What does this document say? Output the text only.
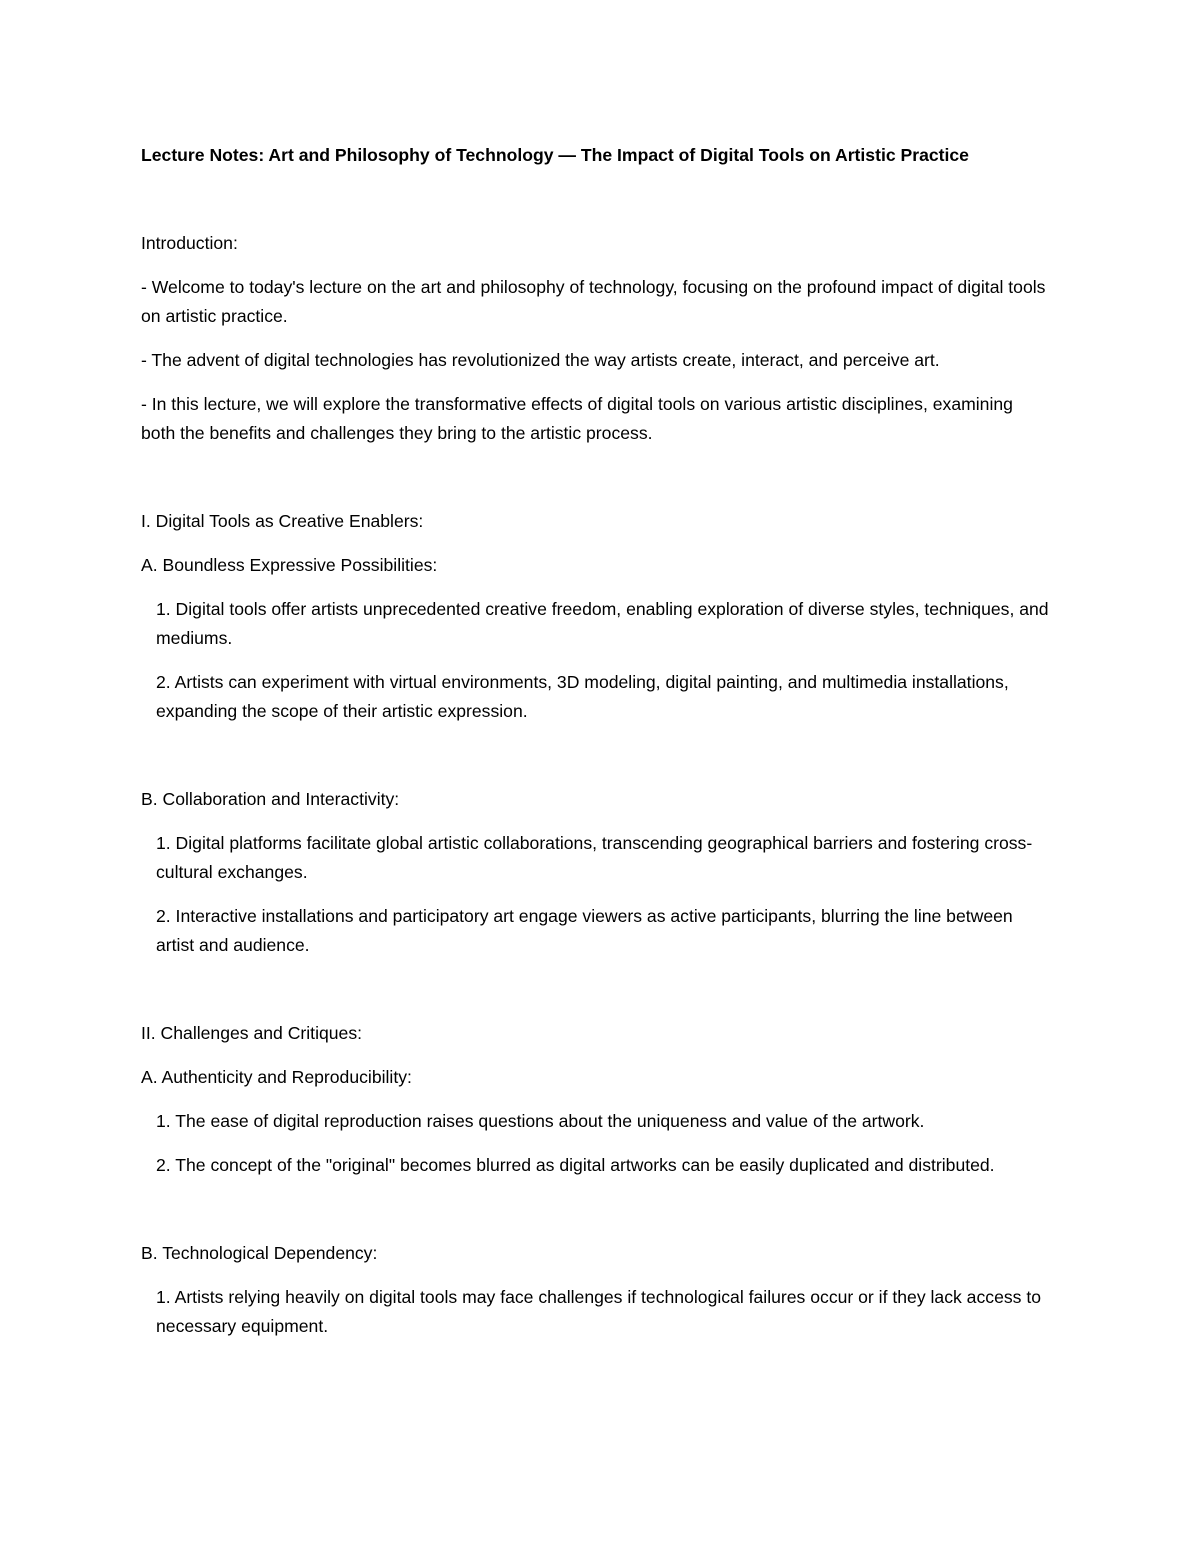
Lecture Notes: Art and Philosophy of Technology — The Impact of Digital Tools on Artistic Practice

Introduction:

- Welcome to today's lecture on the art and philosophy of technology, focusing on the profound impact of digital tools on artistic practice.

- The advent of digital technologies has revolutionized the way artists create, interact, and perceive art.

- In this lecture, we will explore the transformative effects of digital tools on various artistic disciplines, examining both the benefits and challenges they bring to the artistic process.

I. Digital Tools as Creative Enablers:

A. Boundless Expressive Possibilities:

1. Digital tools offer artists unprecedented creative freedom, enabling exploration of diverse styles, techniques, and mediums.

2. Artists can experiment with virtual environments, 3D modeling, digital painting, and multimedia installations, expanding the scope of their artistic expression.

B. Collaboration and Interactivity:

1. Digital platforms facilitate global artistic collaborations, transcending geographical barriers and fostering cross-cultural exchanges.

2. Interactive installations and participatory art engage viewers as active participants, blurring the line between artist and audience.

II. Challenges and Critiques:

A. Authenticity and Reproducibility:

1. The ease of digital reproduction raises questions about the uniqueness and value of the artwork.

2. The concept of the "original" becomes blurred as digital artworks can be easily duplicated and distributed.

B. Technological Dependency:

1. Artists relying heavily on digital tools may face challenges if technological failures occur or if they lack access to necessary equipment.
